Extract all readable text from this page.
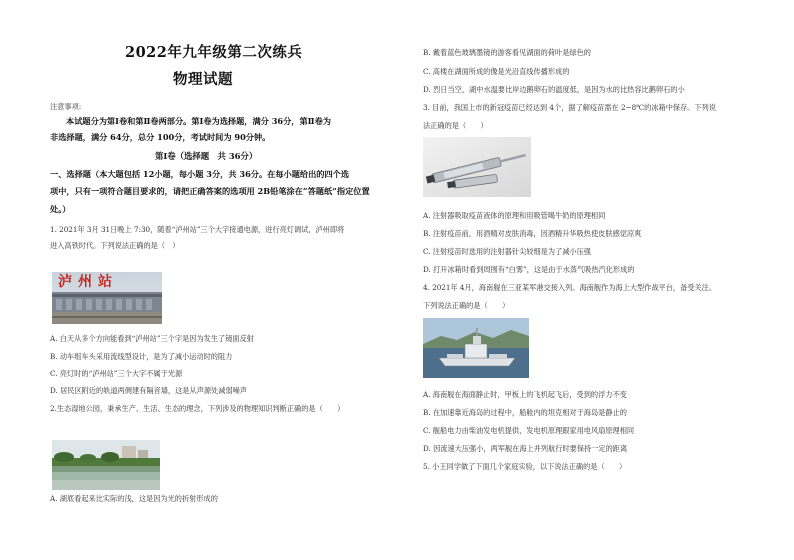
2022年九年级第二次练兵
物理试题
注意事项:
本试题分为第Ⅰ卷和第Ⅱ卷两部分。第Ⅰ卷为选择题，满分 36分，第Ⅱ卷为
非选择题，满分 64分，总分 100分，考试时间为 90分钟。
第Ⅰ卷（选择题　共 36分）
一、选择题（本大题包括 12小题，每小题 3分，共 36分。在每小题给出的四个选
项中，只有一项符合题目要求的，请把正确答案的选项用 2B铅笔涂在“答题纸”指定位置
处。）
1. 2021年 3月 31日晚上 7:30，随着“泸州站”三个大字接通电源，进行亮灯调试，泸州即将
进入高铁时代。下列说法正确的是（　）
泸州站
A. 白天从多个方向能看到“泸州站”三个字是因为发生了镜面反射
B. 动车组车头采用流线型设计，是为了减小运动时的阻力
C. 亮灯时的“泸州站”三个大字不属于光源
D. 居民区附近的轨道两侧建有隔音墙，这是从声源处减弱噪声
2.生态湿地公园，秉承生产、生活、生态的理念，下列涉及的物理知识判断正确的是（　　）
A. 湖底看起来比实际的浅，这是因为光的折射形成的
B. 戴着蓝色玻璃墨镜的游客看见湖面的荷叶是绿色的
C. 高楼在湖面所成的像是光沿直线传播形成的
D. 烈日当空，湖中水温要比岸边鹅卵石的温度低，是因为水的比热容比鹅卵石的小
3. 目前，我国上市的新冠疫苗已经达到 4个，据了解疫苗需在 2~8℃的冰箱中保存。下列说
法正确的是（　　）
A. 注射器吸取疫苗液体的原理和用吸管喝牛奶的原理相同
B. 注射疫苗前，用酒精对皮肤消毒，因酒精升华吸热使皮肤感觉凉爽
C. 注射疫苗时选用的注射器针尖较细是为了减小压强
D. 打开冰箱时看到周围有“白雾”，这是由于水蒸气吸热汽化形成的
4. 2021年 4月，海南舰在三亚某军港交接入列。海南舰作为海上大型作战平台，备受关注。
下列说法正确的是（　　）
A. 海南舰在海面静止时，甲板上的飞机起飞后，受到的浮力不变
B. 在加速靠近海岛的过程中，船舱内的坦克相对于海岛是静止的
C. 舰船电力由柴油发电机提供，发电机原理跟家用电风扇原理相同
D. 因流速大压强小，两军舰在海上并列航行时要保持一定的距离
5. 小王同学做了下面几个家庭实验，以下说法正确的是（　　）
